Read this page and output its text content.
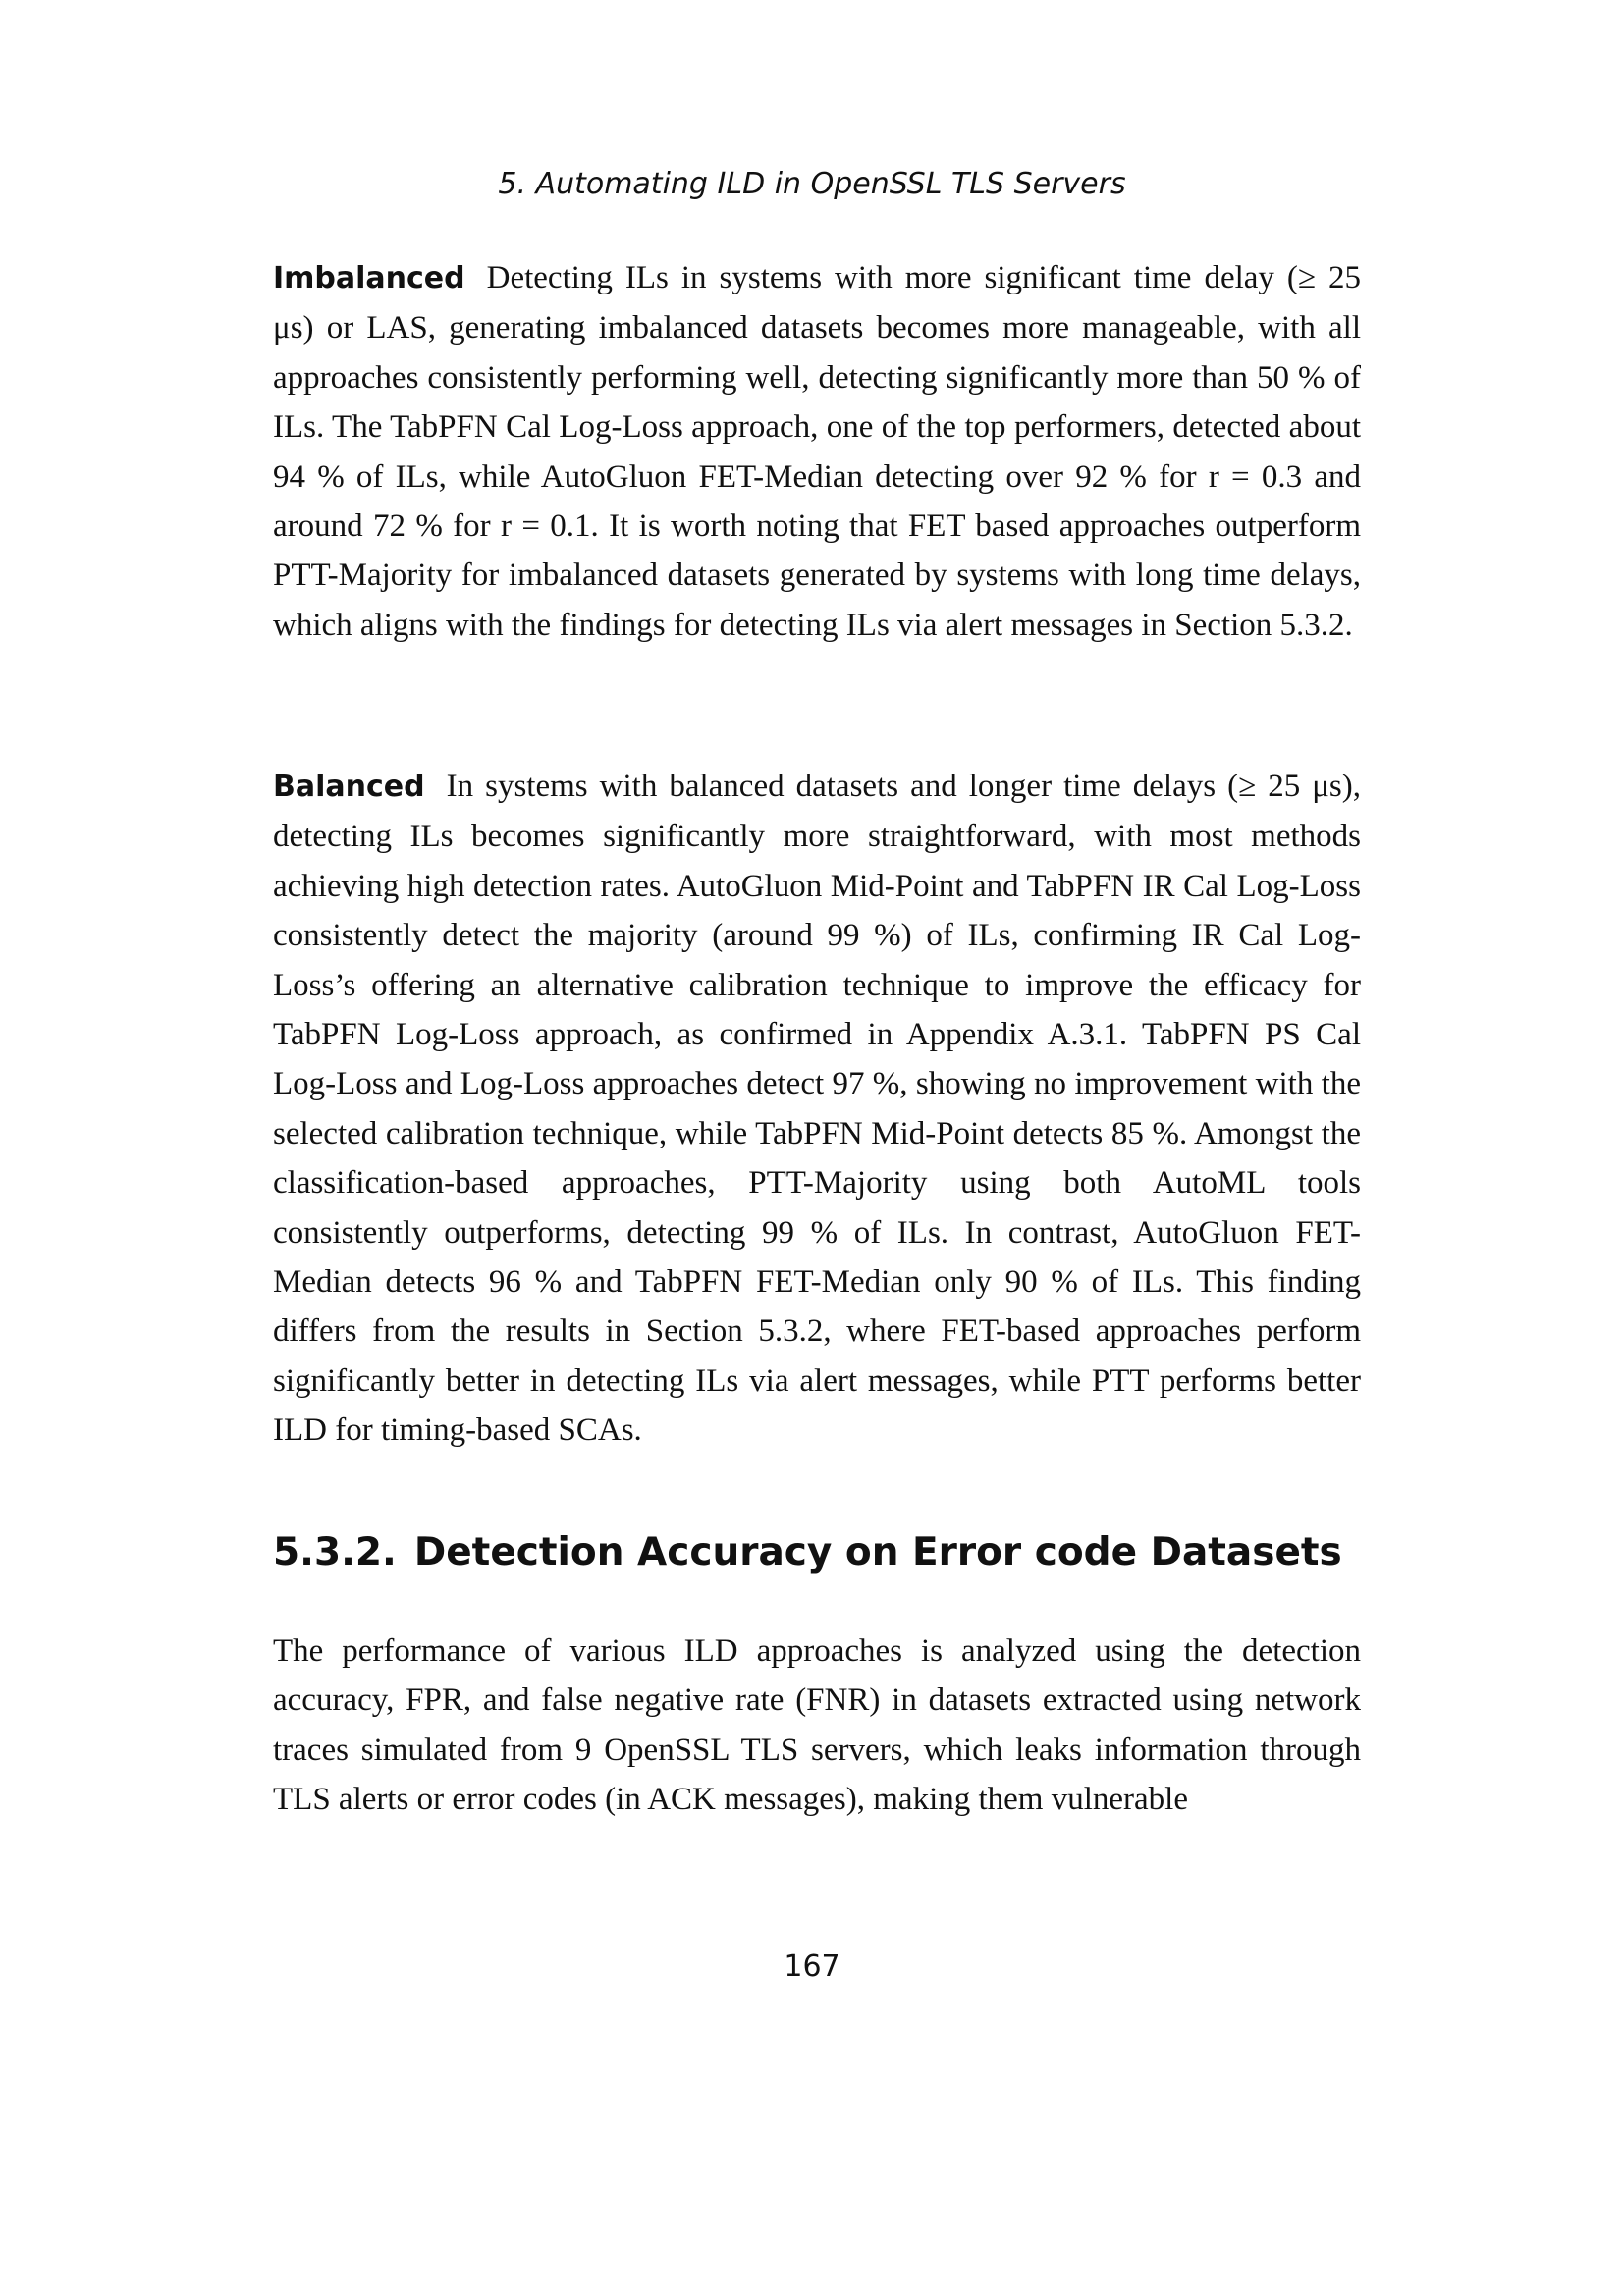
5. Automating ILD in OpenSSL TLS Servers

Imbalanced Detecting ILs in systems with more significant time delay (≥ 25 μs) or LAS, generating imbalanced datasets becomes more manageable, with all approaches consistently performing well, detecting significantly more than 50 % of ILs. The TabPFN Cal Log-Loss approach, one of the top performers, detected about 94 % of ILs, while AutoGluon FET-Median detecting over 92 % for r = 0.3 and around 72 % for r = 0.1. It is worth noting that FET based approaches outperform PTT-Majority for imbalanced datasets generated by systems with long time delays, which aligns with the findings for detecting ILs via alert messages in Section 5.3.2.

Balanced In systems with balanced datasets and longer time delays (≥ 25 μs), detecting ILs becomes significantly more straightforward, with most methods achieving high detection rates. AutoGluon Mid-Point and TabPFN IR Cal Log-Loss consistently detect the majority (around 99 %) of ILs, confirming IR Cal Log-Loss’s offering an alternative calibration technique to improve the efficacy for TabPFN Log-Loss approach, as confirmed in Appendix A.3.1. TabPFN PS Cal Log-Loss and Log-Loss approaches detect 97 %, showing no improvement with the selected calibration technique, while TabPFN Mid-Point detects 85 %. Amongst the classification-based approaches, PTT-Majority using both AutoML tools consistently outperforms, detecting 99 % of ILs. In contrast, AutoGluon FET-Median detects 96 % and TabPFN FET-Median only 90 % of ILs. This finding differs from the results in Section 5.3.2, where FET-based approaches perform significantly better in detecting ILs via alert messages, while PTT performs better ILD for timing-based SCAs.

5.3.2. Detection Accuracy on Error code Datasets

The performance of various ILD approaches is analyzed using the detection accuracy, FPR, and false negative rate (FNR) in datasets extracted using network traces simulated from 9 OpenSSL TLS servers, which leaks information through TLS alerts or error codes (in ACK messages), making them vulnerable

167
